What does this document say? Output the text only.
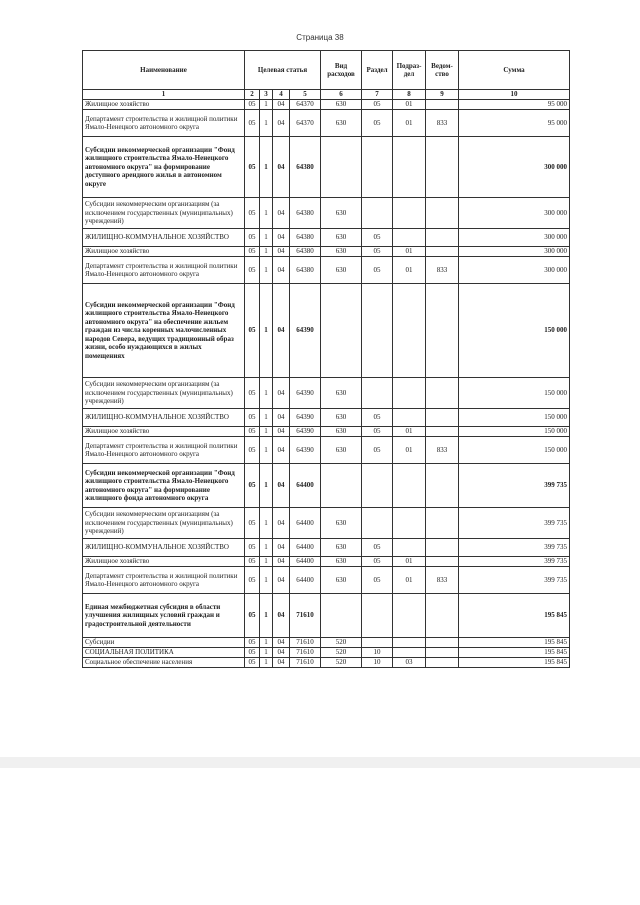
Страница 38
Наименование	Целевая статья				Вид расходов	Раздел	Подраз-дел	Ведом-ство	Сумма
1	2	3	4	5	6	7	8	9	10
Жилищное хозяйство	05	1	04	64370	630	05	01		95 000
Департамент строительства и жилищной политики Ямало-Ненецкого автономного округа	05	1	04	64370	630	05	01	833	95 000
Субсидии некоммерческой организации "Фонд жилищного строительства Ямало-Ненецкого автономного округа" на формирование доступного арендного жилья в автономном округе	05	1	04	64380					300 000
Субсидии некоммерческим организациям (за исключением государственных (муниципальных) учреждений)	05	1	04	64380	630				300 000
ЖИЛИЩНО-КОММУНАЛЬНОЕ ХОЗЯЙСТВО	05	1	04	64380	630	05			300 000
Жилищное хозяйство	05	1	04	64380	630	05	01		300 000
Департамент строительства и жилищной политики Ямало-Ненецкого автономного округа	05	1	04	64380	630	05	01	833	300 000
Субсидии некоммерческой организации "Фонд жилищного строительства Ямало-Ненецкого автономного округа" на обеспечение жильем граждан из числа коренных малочисленных народов Севера, ведущих традиционный образ жизни, особо нуждающихся в жилых помещениях	05	1	04	64390					150 000
Субсидии некоммерческим организациям (за исключением государственных (муниципальных) учреждений)	05	1	04	64390	630				150 000
ЖИЛИЩНО-КОММУНАЛЬНОЕ ХОЗЯЙСТВО	05	1	04	64390	630	05			150 000
Жилищное хозяйство	05	1	04	64390	630	05	01		150 000
Департамент строительства и жилищной политики Ямало-Ненецкого автономного округа	05	1	04	64390	630	05	01	833	150 000
Субсидии некоммерческой организации "Фонд жилищного строительства Ямало-Ненецкого автономного округа" на формирование жилищного фонда автономного округа	05	1	04	64400					399 735
Субсидии некоммерческим организациям (за исключением государственных (муниципальных) учреждений)	05	1	04	64400	630				399 735
ЖИЛИЩНО-КОММУНАЛЬНОЕ ХОЗЯЙСТВО	05	1	04	64400	630	05			399 735
Жилищное хозяйство	05	1	04	64400	630	05	01		399 735
Департамент строительства и жилищной политики Ямало-Ненецкого автономного округа	05	1	04	64400	630	05	01	833	399 735
Единая межбюджетная субсидия в области улучшения жилищных условий граждан и градостроительной деятельности	05	1	04	71610					195 845
Субсидии	05	1	04	71610	520				195 845
СОЦИАЛЬНАЯ ПОЛИТИКА	05	1	04	71610	520	10			195 845
Социальное обеспечение населения	05	1	04	71610	520	10	03		195 845
